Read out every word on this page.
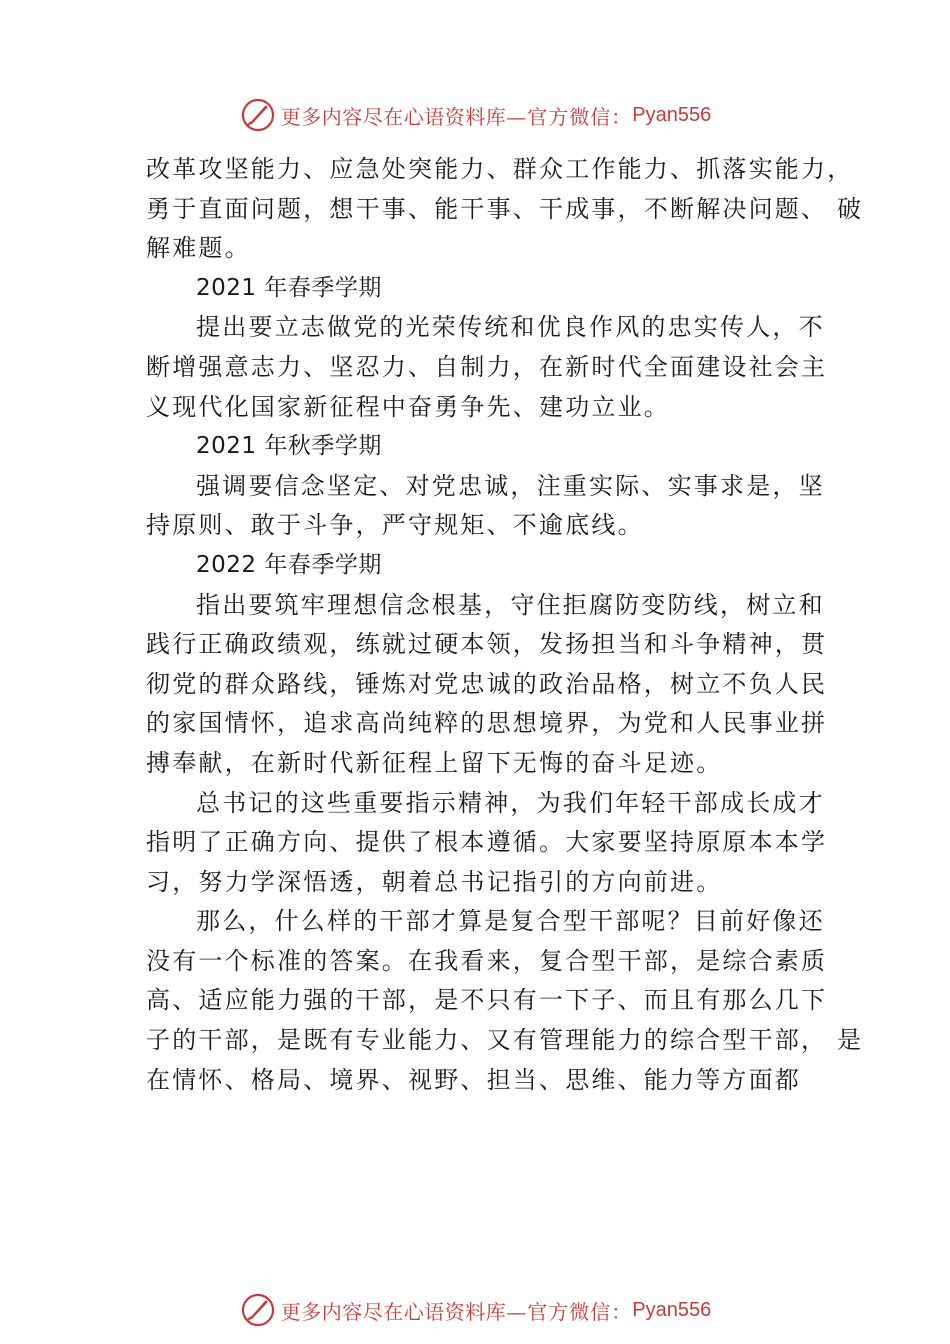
更多内容尽在心语资料库 —官方微信： Pyan556
改革攻坚能力、应急处突能力、群众工作能力、抓落实能力，
勇于直面问题，想干事、能干事、干成事，不断解决问题、 破
解难题。
2021 年春季学期
提出要立志做党的光荣传统和优良作风的忠实传人，不
断增强意志力、坚忍力、自制力，在新时代全面建设社会主
义现代化国家新征程中奋勇争先、建功立业。
2021 年秋季学期
强调要信念坚定、对党忠诚，注重实际、实事求是，坚
持原则、敢于斗争，严守规矩、不逾底线。
2022 年春季学期
指出要筑牢理想信念根基，守住拒腐防变防线，树立和
践行正确政绩观，练就过硬本领，发扬担当和斗争精神，贯
彻党的群众路线，锤炼对党忠诚的政治品格，树立不负人民
的家国情怀，追求高尚纯粹的思想境界，为党和人民事业拼
搏奉献，在新时代新征程上留下无悔的奋斗足迹。
总书记的这些重要指示精神，为我们年轻干部成长成才
指明了正确方向、提供了根本遵循。大家要坚持原原本本学
习，努力学深悟透，朝着总书记指引的方向前进。
那么，什么样的干部才算是复合型干部呢？目前好像还
没有一个标准的答案。在我看来，复合型干部，是综合素质
高、适应能力强的干部，是不只有一下子、而且有那么几下
子的干部，是既有专业能力、又有管理能力的综合型干部， 是
在情怀、格局、境界、视野、担当、思维、能力等方面都
更多内容尽在心语资料库 —官方微信： Pyan556
